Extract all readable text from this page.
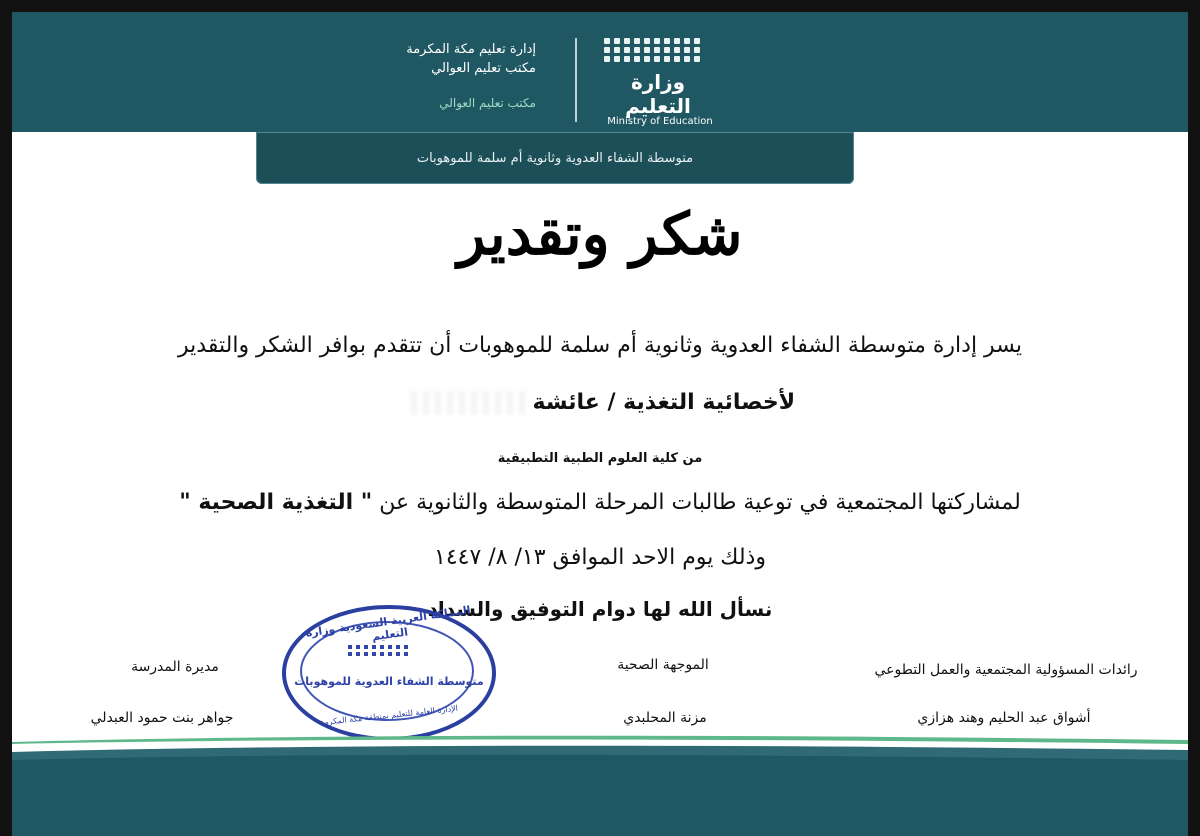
إدارة تعليم مكة المكرمة
مكتب تعليم العوالي
مكتب تعليم العوالي
وزارة التعليم
Ministry of Education
متوسطة الشفاء العدوية وثانوية أم سلمة للموهوبات
شكر وتقدير
يسر إدارة متوسطة الشفاء العدوية وثانوية أم سلمة للموهوبات أن تتقدم بوافر الشكر والتقدير
لأخصائية التغذية / عائشة
من كلية العلوم الطبية التطبيقية
لمشاركتها المجتمعية في توعية طالبات المرحلة المتوسطة والثانوية عن " التغذية الصحية "
وذلك يوم الاحد الموافق ١٣/ ٨/ ١٤٤٧
نسأل الله لها دوام التوفيق والسداد
رائدات المسؤولية المجتمعية والعمل التطوعي
أشواق عبد الحليم وهند هزازي
الموجهة الصحية
مزنة المحلبدي
مديرة المدرسة
جواهر بنت حمود العبدلي
المملكة العربية السعودية وزارة التعليم
متوسطة الشفاء العدوية للموهوبات
الإدارة العامة للتعليم بمنطقة مكة المكرمة
